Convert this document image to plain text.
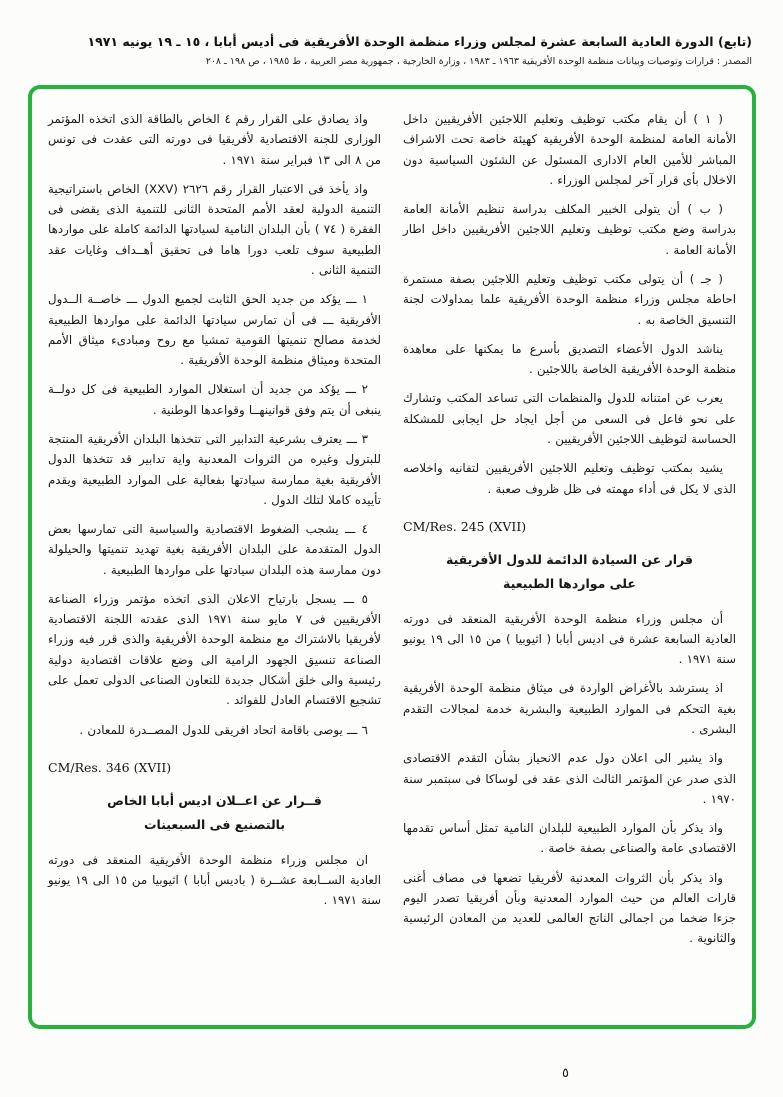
(تابع) الدورة العادية السابعة عشرة لمجلس وزراء منظمة الوحدة الأفريقية فى أديس أبابا ، ١٥ ـ ١٩ يونيه ١٩٧١
المصدر : قرارات وتوصيات وبيانات منظمة الوحدة الأفريقية ١٩٦٣ ـ ١٩٨٣ ، وزارة الخارجية ، جمهورية مصر العربية ، ط ١٩٨٥ ، ص ١٩٨ ـ ٢٠٨

( ١ ) أن يقام مكتب توظيف وتعليم اللاجئين الأفريقيين داخل الأمانة العامة لمنظمة الوحدة الأفريقية كهيئة خاصة تحت الاشراف المباشر للأمين العام الادارى المسئول عن الشئون السياسية دون الاخلال بأى قرار آخر لمجلس الوزراء .

( ب ) أن يتولى الخبير المكلف بدراسة تنظيم الأمانة العامة بدراسة وضع مكتب توظيف وتعليم اللاجئين الأفريقيين داخل اطار الأمانة العامة .

( جـ ) أن يتولى مكتب توظيف وتعليم اللاجئين بصفة مستمرة احاطة مجلس وزراء منظمة الوحدة الأفريقية علما بمداولات لجنة التنسيق الخاصة به .

يناشد الدول الأعضاء التصديق بأسرع ما يمكنها على معاهدة منظمة الوحدة الأفريقية الخاصة باللاجئين .

يعرب عن امتنانه للدول والمنظمات التى تساعد المكتب وتشارك على نحو فاعل فى السعى من أجل ايجاد حل ايجابى للمشكلة الحساسة لتوظيف اللاجئين الأفريقيين .

يشيد بمكتب توظيف وتعليم اللاجئين الأفريقيين لتفانيه واخلاصه الذى لا يكل فى أداء مهمته فى ظل ظروف صعبة .

CM/Res. 245 (XVII)
قرار عن السيادة الدائمة للدول الأفريقية
على مواردها الطبيعية

أن مجلس وزراء منظمة الوحدة الأفريقية المنعقد فى دورته العادية السابعة عشرة فى اديس أبابا ( اثيوبيا ) من ١٥ الى ١٩ يونيو سنة ١٩٧١ .

اذ يسترشد بالأغراض الواردة فى ميثاق منظمة الوحدة الأفريقية بغية التحكم فى الموارد الطبيعية والبشرية خدمة لمجالات التقدم البشرى .

واذ يشير الى اعلان دول عدم الانحياز بشأن التقدم الاقتصادى الذى صدر عن المؤتمر الثالث الذى عقد فى لوساكا فى سبتمبر سنة ١٩٧٠ .

واذ يذكر بأن الموارد الطبيعية للبلدان النامية تمثل أساس تقدمها الاقتصادى عامة والصناعى بصفة خاصة .

واذ يذكر بأن الثروات المعدنية لأفريقيا تضعها فى مصاف أغنى قارات العالم من حيث الموارد المعدنية وبأن أفريقيا تصدر اليوم جزءا ضخما من اجمالى الناتج العالمى للعديد من المعادن الرئيسية والثانوية .

واذ يصادق على القرار رقم ٤ الخاص بالطاقة الذى اتخذه المؤتمر الوزارى للجنة الاقتصادية لأفريقيا فى دورته التى عقدت فى تونس من ٨ الى ١٣ فبراير سنة ١٩٧١ .

واذ يأخذ فى الاعتبار القرار رقم ٢٦٢٦ (XXV) الخاص باستراتيجية التنمية الدولية لعقد الأمم المتحدة الثانى للتنمية الذى يقضى فى الفقرة ( ٧٤ ) بأن البلدان النامية لسيادتها الدائمة كاملة على مواردها الطبيعية سوف تلعب دورا هاما فى تحقيق أهــداف وغايات عقد التنمية الثانى .

١ ـــ يؤكد من جديد الحق الثابت لجميع الدول ـــ خاصــة الــدول الأفريقية ـــ فى أن تمارس سيادتها الدائمة على مواردها الطبيعية لخدمة مصالح تنميتها القومية تمشيا مع روح ومبادىء ميثاق الأمم المتحدة وميثاق منظمة الوحدة الأفريقية .

٢ ـــ يؤكد من جديد أن استغلال الموارد الطبيعية فى كل دولــة ينبغى أن يتم وفق قوانينهــا وقواعدها الوطنية .

٣ ـــ يعترف بشرعية التدابير التى تتخذها البلدان الأفريقية المنتجة للبترول وغيره من الثروات المعدنية واية تدابير قد تتخذها الدول الأفريقية بغية ممارسة سيادتها بفعالية على الموارد الطبيعية ويقدم تأييده كاملا لتلك الدول .

٤ ـــ يشجب الضغوط الاقتصادية والسياسية التى تمارسها بعض الدول المتقدمة على البلدان الأفريقية بغية تهديد تنميتها والحيلولة دون ممارسة هذه البلدان سيادتها على مواردها الطبيعية .

٥ ـــ يسجل بارتياح الاعلان الذى اتخذه مؤتمر وزراء الصناعة الأفريقيين فى ٧ مايو سنة ١٩٧١ الذى عقدته اللجنة الاقتصادية لأفريقيا بالاشتراك مع منظمة الوحدة الأفريقية والذى قرر فيه وزراء الصناعة تنسيق الجهود الرامية الى وضع علاقات اقتصادية دولية رئيسية والى خلق أشكال جديدة للتعاون الصناعى الدولى تعمل على تشجيع الاقتسام العادل للفوائد .

٦ ـــ يوصى باقامة اتحاد افريقى للدول المصــدرة للمعادن .

CM/Res. 346 (XVII)
قــرار عن اعــلان اديس أبابا الخاص
بالتصنيع فى السبعينات

ان مجلس وزراء منظمة الوحدة الأفريقية المنعقد فى دورته العادية الســابعة عشــرة ( باديس أبابا ) اثيوبيا من ١٥ الى ١٩ يونيو سنة ١٩٧١ .

٥
